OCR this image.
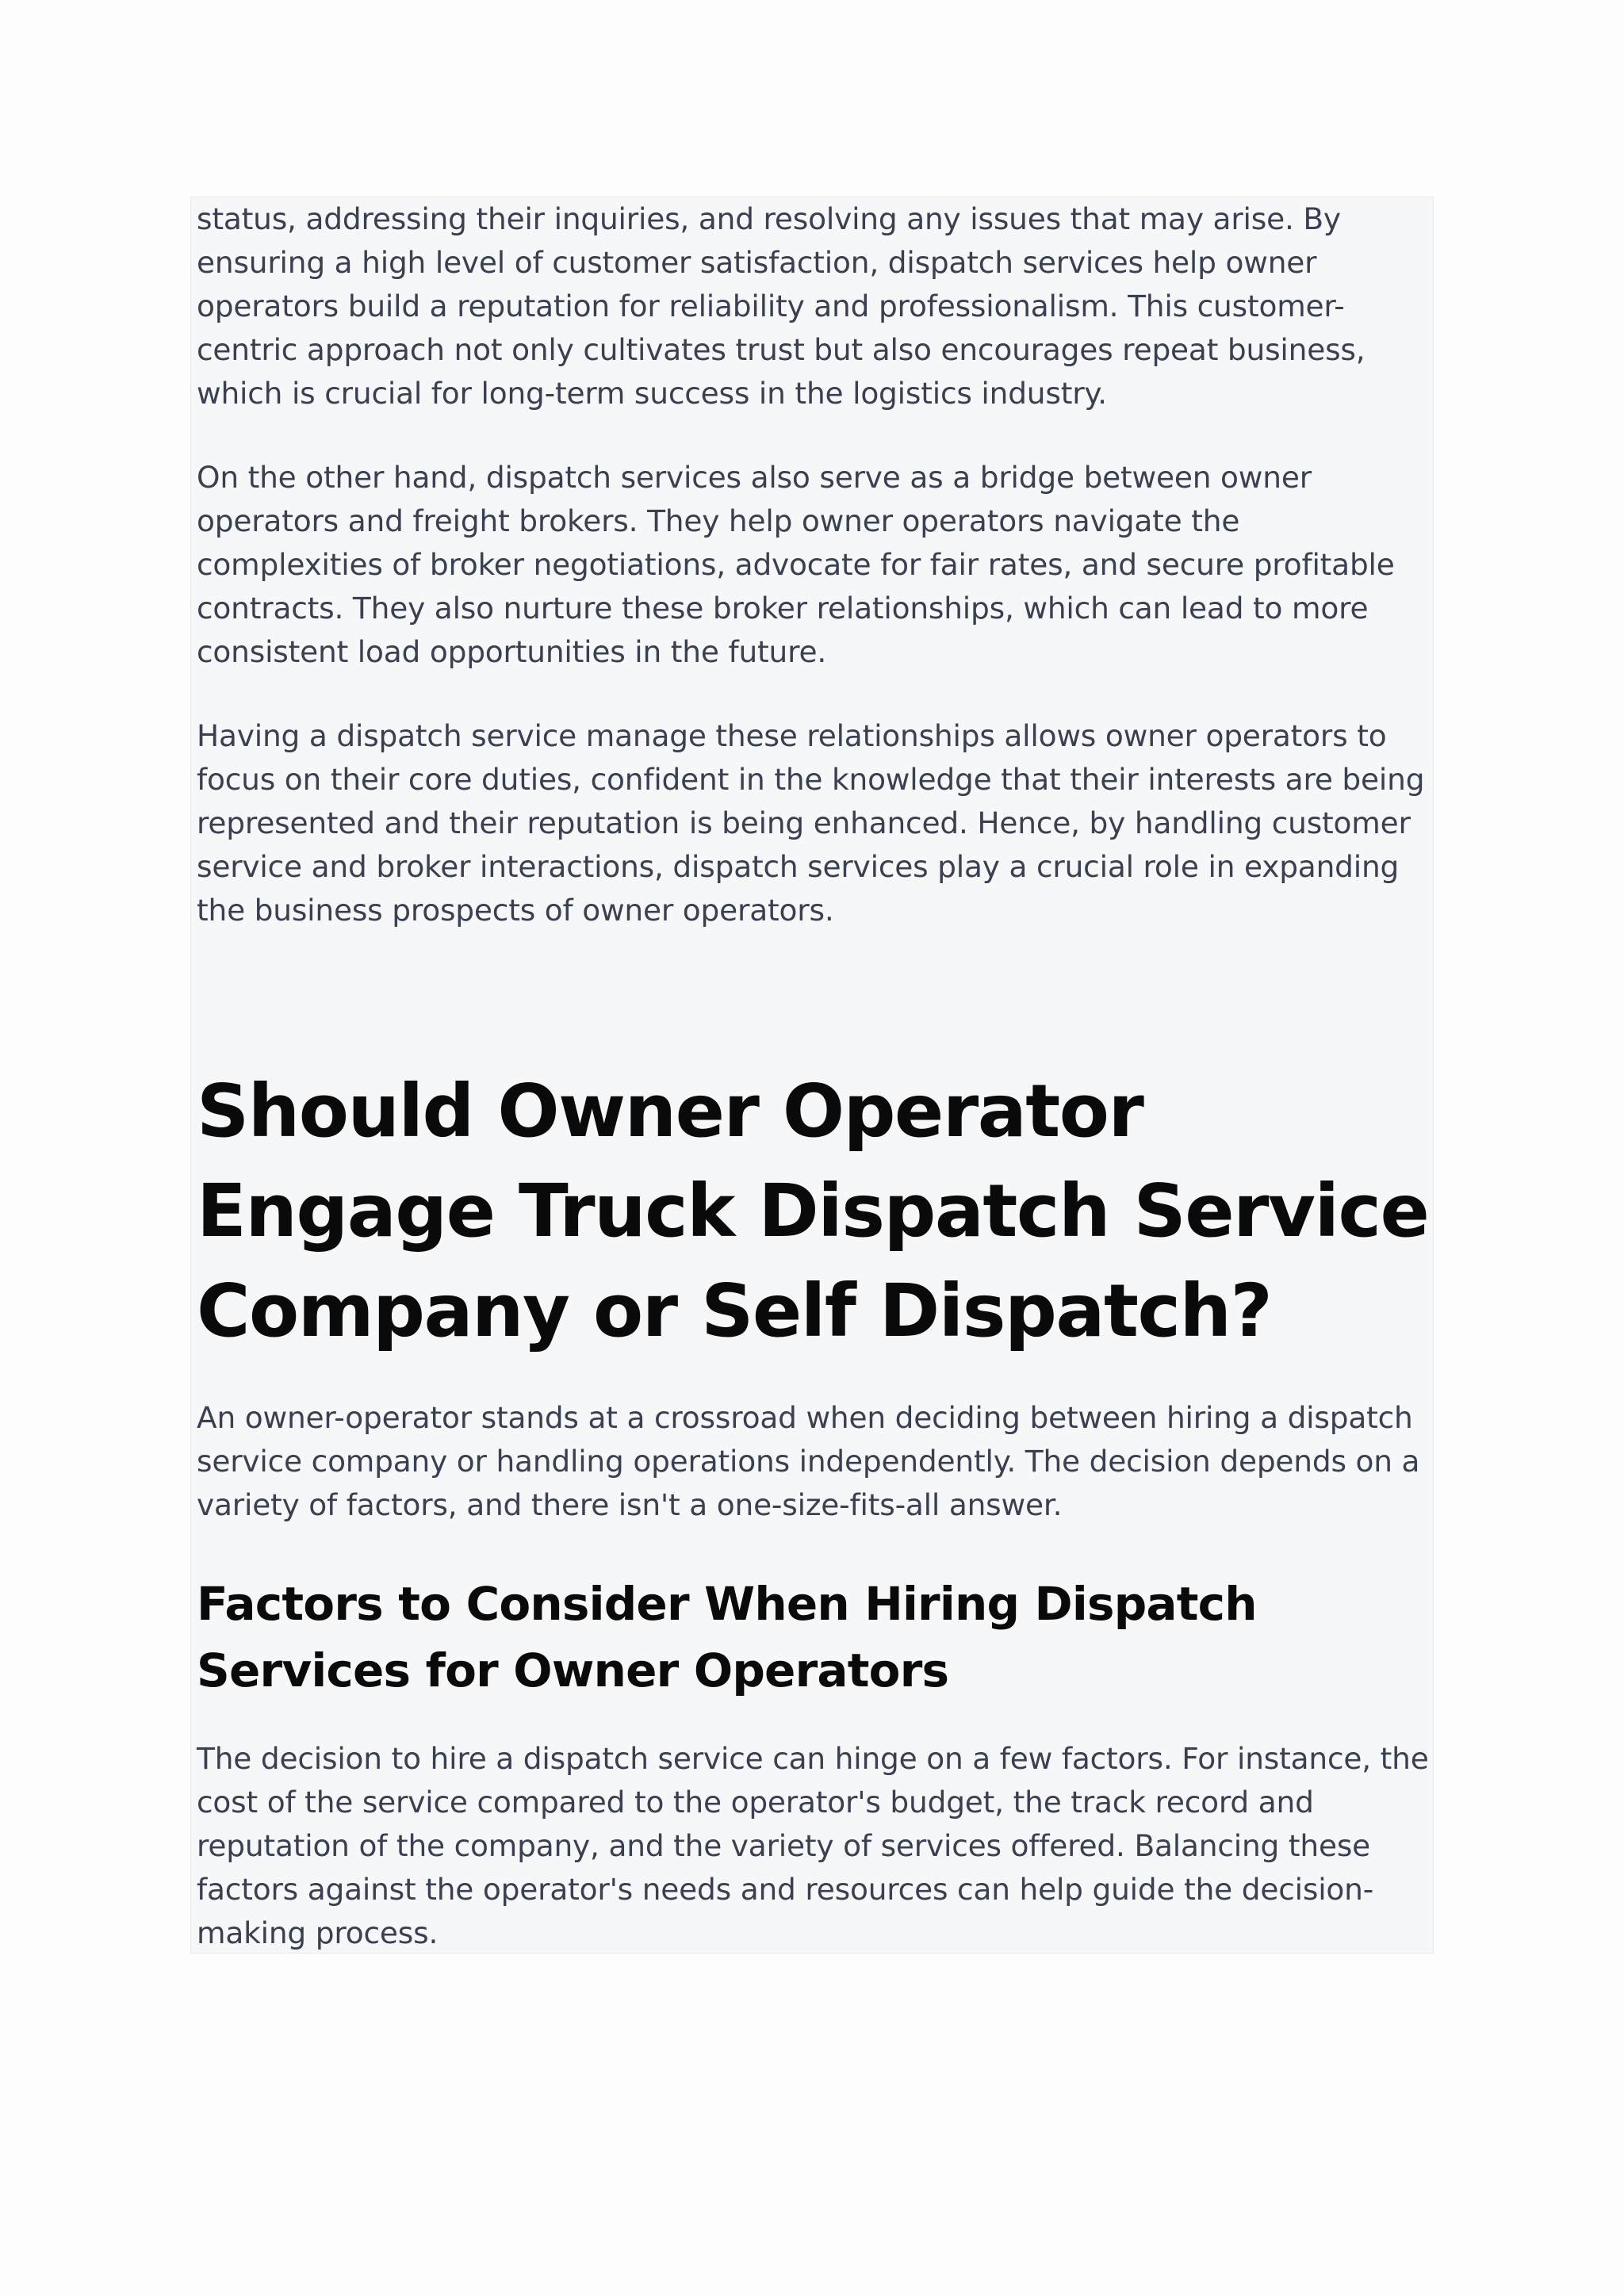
status, addressing their inquiries, and resolving any issues that may arise. By ensuring a high level of customer satisfaction, dispatch services help owner operators build a reputation for reliability and professionalism. This customer-centric approach not only cultivates trust but also encourages repeat business, which is crucial for long-term success in the logistics industry.

On the other hand, dispatch services also serve as a bridge between owner operators and freight brokers. They help owner operators navigate the complexities of broker negotiations, advocate for fair rates, and secure profitable contracts. They also nurture these broker relationships, which can lead to more consistent load opportunities in the future.

Having a dispatch service manage these relationships allows owner operators to focus on their core duties, confident in the knowledge that their interests are being represented and their reputation is being enhanced. Hence, by handling customer service and broker interactions, dispatch services play a crucial role in expanding the business prospects of owner operators.

Should Owner Operator Engage Truck Dispatch Service Company or Self Dispatch?

An owner-operator stands at a crossroad when deciding between hiring a dispatch service company or handling operations independently. The decision depends on a variety of factors, and there isn't a one-size-fits-all answer.

Factors to Consider When Hiring Dispatch Services for Owner Operators

The decision to hire a dispatch service can hinge on a few factors. For instance, the cost of the service compared to the operator's budget, the track record and reputation of the company, and the variety of services offered. Balancing these factors against the operator's needs and resources can help guide the decision-making process.
